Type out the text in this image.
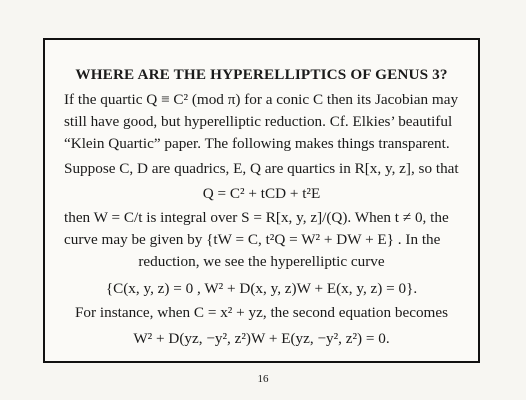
WHERE ARE THE HYPERELLIPTICS OF GENUS 3?
If the quartic Q ≡ C² (mod π) for a conic C then its Jacobian may
still have good, but hyperelliptic reduction. Cf. Elkies’ beautiful
“Klein Quartic” paper. The following makes things transparent.
Suppose C, D are quadrics, E, Q are quartics in R[x, y, z], so that
Q = C² + tCD + t²E
then W = C/t is integral over S = R[x, y, z]/(Q). When t ≠ 0, the
curve may be given by {tW = C, t²Q = W² + DW + E} . In the
reduction, we see the hyperelliptic curve
{C(x, y, z) = 0 , W² + D(x, y, z)W + E(x, y, z) = 0}.
For instance, when C = x² + yz, the second equation becomes
W² + D(yz, −y², z²)W + E(yz, −y², z²) = 0.
16
